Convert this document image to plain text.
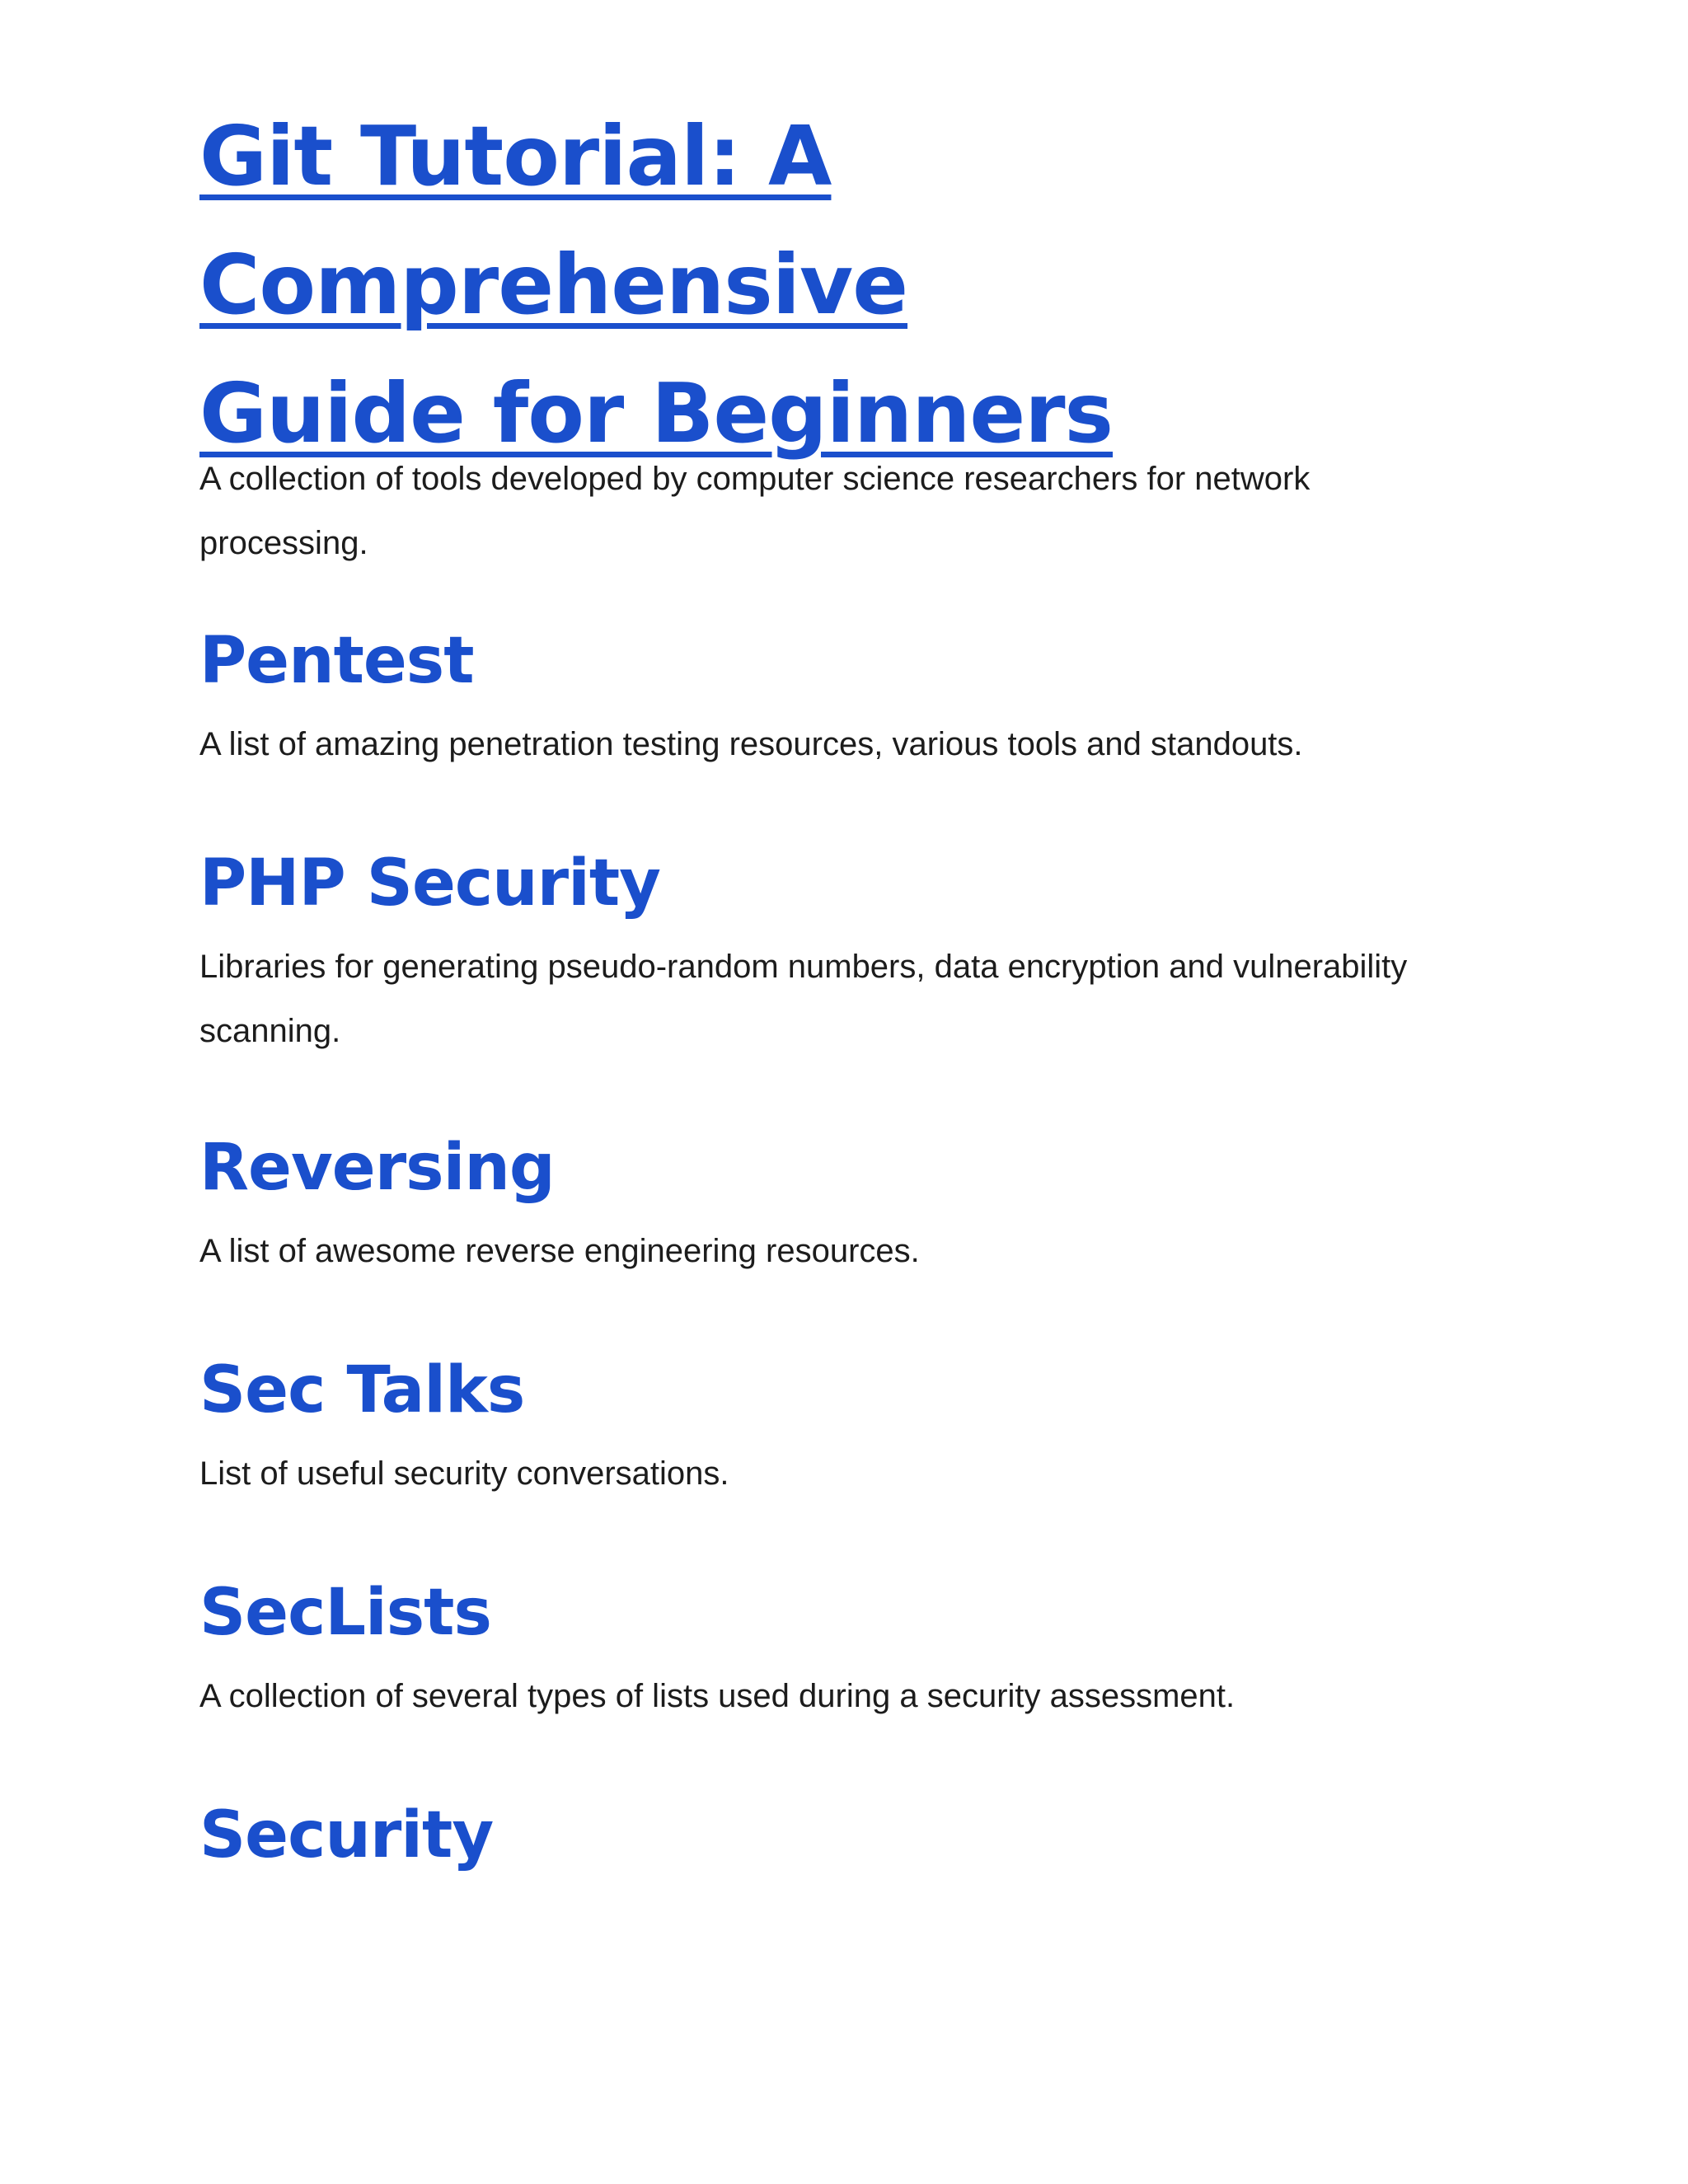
Git Tutorial: A Comprehensive
Guide for Beginners

A collection of tools developed by computer science researchers for network processing.

Pentest

A list of amazing penetration testing resources, various tools and standouts.

PHP Security

Libraries for generating pseudo-random numbers, data encryption and vulnerability scanning.

Reversing

A list of awesome reverse engineering resources.

Sec Talks

List of useful security conversations.

SecLists

A collection of several types of lists used during a security assessment.

Security
